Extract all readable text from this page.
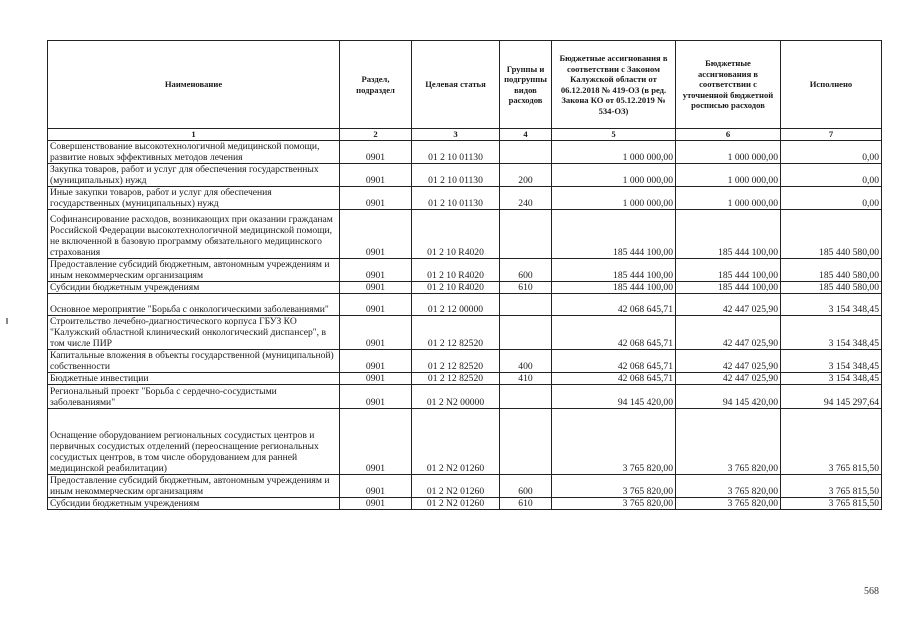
Наименование	Раздел, подраздел	Целевая статья	Группы и подгруппы видов расходов	Бюджетные ассигнования в соответствии с Законом Калужской области от 06.12.2018 № 419-ОЗ (в ред. Закона КО от 05.12.2019 № 534-ОЗ)	Бюджетные ассигнования в соответствии с уточненной бюджетной росписью расходов	Исполнено
1	2	3	4	5	6	7
Совершенствование высокотехнологичной медицинской помощи, развитие новых эффективных методов лечения	0901	01 2 10 01130		1 000 000,00	1 000 000,00	0,00
Закупка товаров, работ и услуг для обеспечения государственных (муниципальных) нужд	0901	01 2 10 01130	200	1 000 000,00	1 000 000,00	0,00
Иные закупки товаров, работ и услуг для обеспечения государственных (муниципальных) нужд	0901	01 2 10 01130	240	1 000 000,00	1 000 000,00	0,00
Софинансирование расходов, возникающих при оказании гражданам Российской Федерации высокотехнологичной медицинской помощи, не включенной в базовую программу обязательного медицинского страхования	0901	01 2 10 R4020		185 444 100,00	185 444 100,00	185 440 580,00
Предоставление субсидий бюджетным, автономным учреждениям и иным некоммерческим организациям	0901	01 2 10 R4020	600	185 444 100,00	185 444 100,00	185 440 580,00
Субсидии бюджетным учреждениям	0901	01 2 10 R4020	610	185 444 100,00	185 444 100,00	185 440 580,00
Основное мероприятие "Борьба с онкологическими заболеваниями"	0901	01 2 12 00000		42 068 645,71	42 447 025,90	3 154 348,45
Строительство лечебно-диагностического корпуса ГБУЗ КО "Калужский областной клинический онкологический диспансер", в том числе ПИР	0901	01 2 12 82520		42 068 645,71	42 447 025,90	3 154 348,45
Капитальные вложения в объекты государственной (муниципальной) собственности	0901	01 2 12 82520	400	42 068 645,71	42 447 025,90	3 154 348,45
Бюджетные инвестиции	0901	01 2 12 82520	410	42 068 645,71	42 447 025,90	3 154 348,45
Региональный проект "Борьба с сердечно-сосудистыми заболеваниями"	0901	01 2 N2 00000		94 145 420,00	94 145 420,00	94 145 297,64
Оснащение оборудованием региональных сосудистых центров и первичных сосудистых отделений (переоснащение региональных сосудистых центров, в том числе оборудованием для ранней медицинской реабилитации)	0901	01 2 N2 01260		3 765 820,00	3 765 820,00	3 765 815,50
Предоставление субсидий бюджетным, автономным учреждениям и иным некоммерческим организациям	0901	01 2 N2 01260	600	3 765 820,00	3 765 820,00	3 765 815,50
Субсидии бюджетным учреждениям	0901	01 2 N2 01260	610	3 765 820,00	3 765 820,00	3 765 815,50
568
